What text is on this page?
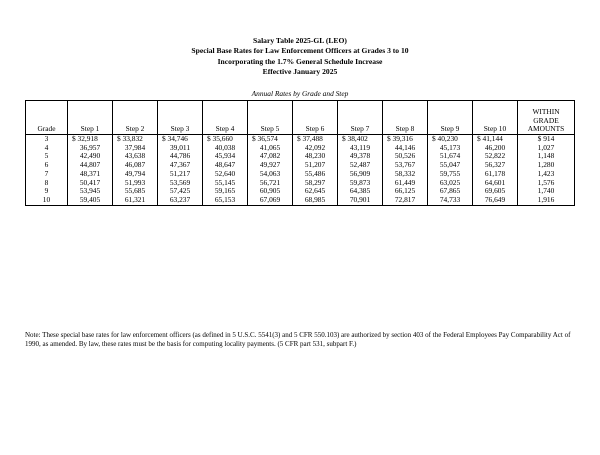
Salary Table 2025-GL (LEO)
Special Base Rates for Law Enforcement Officers at Grades 3 to 10
Incorporating the 1.7% General Schedule Increase
Effective January 2025
Annual Rates by Grade and Step
Grade	Step 1	Step 2	Step 3	Step 4	Step 5	Step 6	Step 7	Step 8	Step 9	Step 10	WITHIN
GRADE
AMOUNTS

3	$ 32,918	$ 33,832	$ 34,746	$ 35,660	$ 36,574	$ 37,488	$ 38,402	$ 39,316	$ 40,230	$ 41,144	$ 914
4	36,957	37,984	39,011	40,038	41,065	42,092	43,119	44,146	45,173	46,200	1,027
5	42,490	43,638	44,786	45,934	47,082	48,230	49,378	50,526	51,674	52,822	1,148
6	44,807	46,087	47,367	48,647	49,927	51,207	52,487	53,767	55,047	56,327	1,280
7	48,371	49,794	51,217	52,640	54,063	55,486	56,909	58,332	59,755	61,178	1,423
8	50,417	51,993	53,569	55,145	56,721	58,297	59,873	61,449	63,025	64,601	1,576
9	53,945	55,685	57,425	59,165	60,905	62,645	64,385	66,125	67,865	69,605	1,740
10	59,405	61,321	63,237	65,153	67,069	68,985	70,901	72,817	74,733	76,649	1,916
Note: These special base rates for law enforcement officers (as defined in 5 U.S.C. 5541(3) and 5 CFR 550.103) are authorized by section 403 of the Federal Employees Pay Comparability Act of 1990, as amended. By law, these rates must be the basis for computing locality payments. (5 CFR part 531, subpart F.)
